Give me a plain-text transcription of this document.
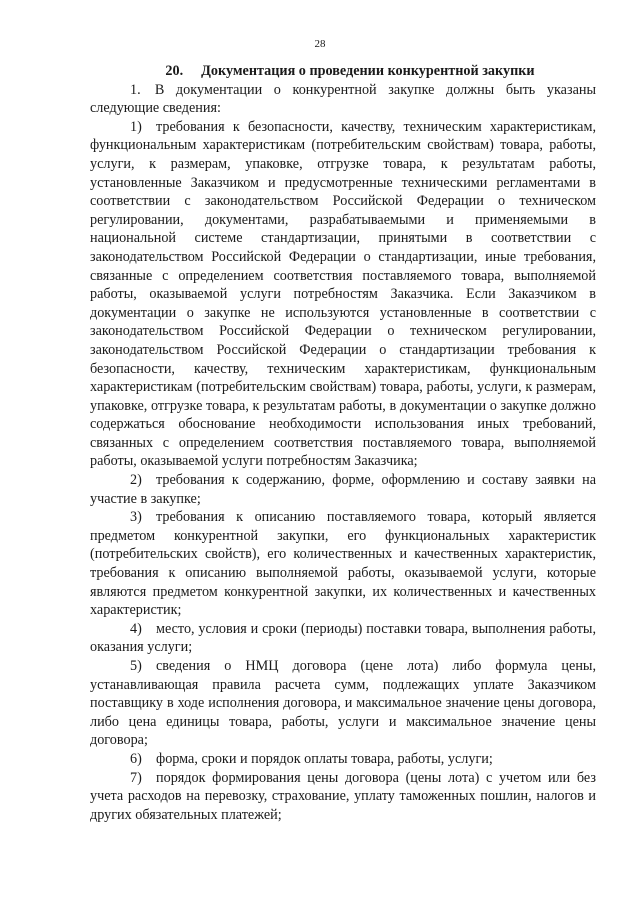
28
20. Документация о проведении конкурентной закупки

1. В документации о конкурентной закупке должны быть указаны следующие сведения:

1) требования к безопасности, качеству, техническим характеристикам, функциональным характеристикам (потребительским свойствам) товара, работы, услуги, к размерам, упаковке, отгрузке товара, к результатам работы, установленные Заказчиком и предусмотренные техническими регламентами в соответствии с законодательством Российской Федерации о техническом регулировании, документами, разрабатываемыми и применяемыми в национальной системе стандартизации, принятыми в соответствии с законодательством Российской Федерации о стандартизации, иные требования, связанные с определением соответствия поставляемого товара, выполняемой работы, оказываемой услуги потребностям Заказчика. Если Заказчиком в документации о закупке не используются установленные в соответствии с законодательством Российской Федерации о техническом регулировании, законодательством Российской Федерации о стандартизации требования к безопасности, качеству, техническим характеристикам, функциональным характеристикам (потребительским свойствам) товара, работы, услуги, к размерам, упаковке, отгрузке товара, к результатам работы, в документации о закупке должно содержаться обоснование необходимости использования иных требований, связанных с определением соответствия поставляемого товара, выполняемой работы, оказываемой услуги потребностям Заказчика;

2) требования к содержанию, форме, оформлению и составу заявки на участие в закупке;

3) требования к описанию поставляемого товара, который является предметом конкурентной закупки, его функциональных характеристик (потребительских свойств), его количественных и качественных характеристик, требования к описанию выполняемой работы, оказываемой услуги, которые являются предметом конкурентной закупки, их количественных и качественных характеристик;

4) место, условия и сроки (периоды) поставки товара, выполнения работы, оказания услуги;

5) сведения о НМЦ договора (цене лота) либо формула цены, устанавливающая правила расчета сумм, подлежащих уплате Заказчиком поставщику в ходе исполнения договора, и максимальное значение цены договора, либо цена единицы товара, работы, услуги и максимальное значение цены договора;

6) форма, сроки и порядок оплаты товара, работы, услуги;

7) порядок формирования цены договора (цены лота) с учетом или без учета расходов на перевозку, страхование, уплату таможенных пошлин, налогов и других обязательных платежей;
